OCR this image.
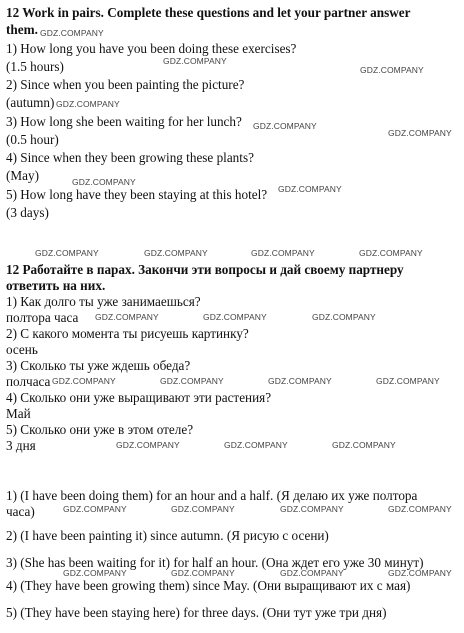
12 Work in pairs. Complete these questions and let your partner answer
them.
1) How long you have you been doing these exercises?
(1.5 hours)
2) Since when you been painting the picture?
(autumn)
3) How long she been waiting for her lunch?
(0.5 hour)
4) Since when they been growing these plants?
(May)
5) How long have they been staying at this hotel?
(3 days)
12 Работайте в парах. Закончи эти вопросы и дай своему партнеру
ответить на них.
1) Как долго ты уже занимаешься?
полтора часа
2) С какого момента ты рисуешь картинку?
осень
3) Сколько ты уже ждешь обеда?
полчаса
4) Сколько они уже выращивают эти растения?
Май
5) Сколько они уже в этом отеле?
3 дня
1) (I have been doing them) for an hour and a half. (Я делаю их уже полтора
часа)
2) (I have been painting it) since autumn. (Я рисую с осени)
3) (She has been waiting for it) for half an hour. (Она ждет его уже 30 минут)
4) (They have been growing them) since May. (Они выращивают их с мая)
5) (They have been staying here) for three days. (Они тут уже три дня)
GDZ.COMPANY
GDZ.COMPANY
GDZ.COMPANY
GDZ.COMPANY
GDZ.COMPANY
GDZ.COMPANY
GDZ.COMPANY
GDZ.COMPANY
GDZ.COMPANY	GDZ.COMPANY	GDZ.COMPANY	GDZ.COMPANY
GDZ.COMPANY	GDZ.COMPANY	GDZ.COMPANY
GDZ.COMPANY	GDZ.COMPANY	GDZ.COMPANY	GDZ.COMPANY
GDZ.COMPANY	GDZ.COMPANY	GDZ.COMPANY
GDZ.COMPANY	GDZ.COMPANY	GDZ.COMPANY	GDZ.COMPANY
GDZ.COMPANY	GDZ.COMPANY	GDZ.COMPANY	GDZ.COMPANY
